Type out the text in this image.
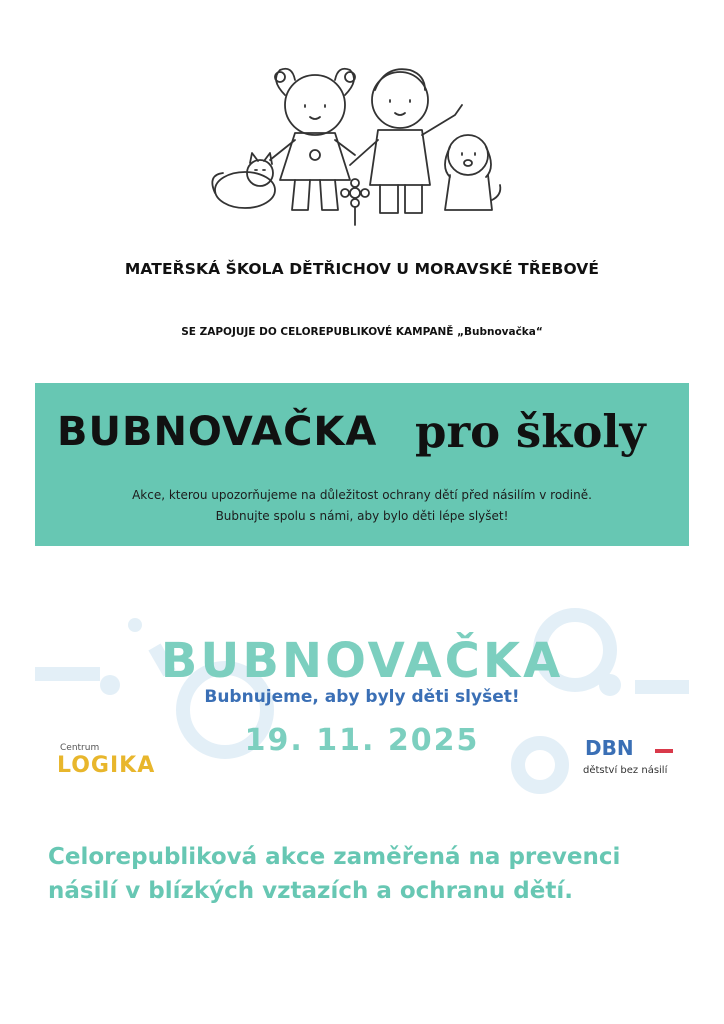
MATEŘSKÁ ŠKOLA DĚTŘICHOV U MORAVSKÉ TŘEBOVÉ
SE ZAPOJUJE DO CELOREPUBLIKOVÉ KAMPANĚ „Bubnovačka“
BUBNOVAČKA pro školy
Akce, kterou upozorňujeme na důležitost ochrany dětí před násilím v rodině.
Bubnujte spolu s námi, aby bylo děti lépe slyšet!
BUBNOVAČKA
Bubnujeme, aby byly děti slyšet!
19. 11. 2025
Centrum
LOGIKA
DBN
dětství bez násilí
Celorepubliková akce zaměřená na prevenci
násilí v blízkých vztazích a ochranu dětí.
